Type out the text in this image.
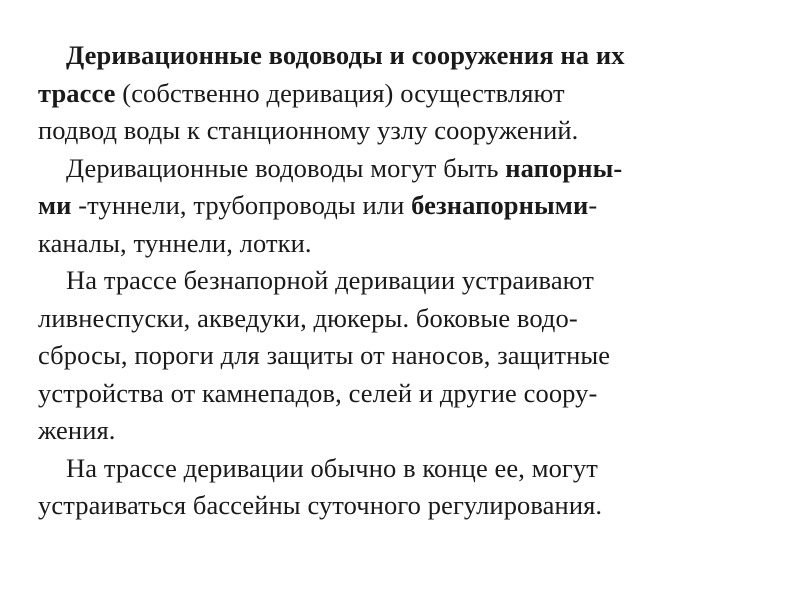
Деривационные водоводы и сооружения на их
трассе (собственно деривация) осуществляют
подвод воды к станционному узлу сооружений.
Деривационные водоводы могут быть напорны-
ми -туннели, трубопроводы или безнапорными-
каналы, туннели, лотки.
На трассе безнапорной деривации устраивают
ливнеспуски, акведуки, дюкеры. боковые водо-
сбросы, пороги для защиты от наносов, защитные
устройства от камнепадов, селей и другие соору-
жения.
На трассе деривации обычно в конце ее, могут
устраиваться бассейны суточного регулирования.
